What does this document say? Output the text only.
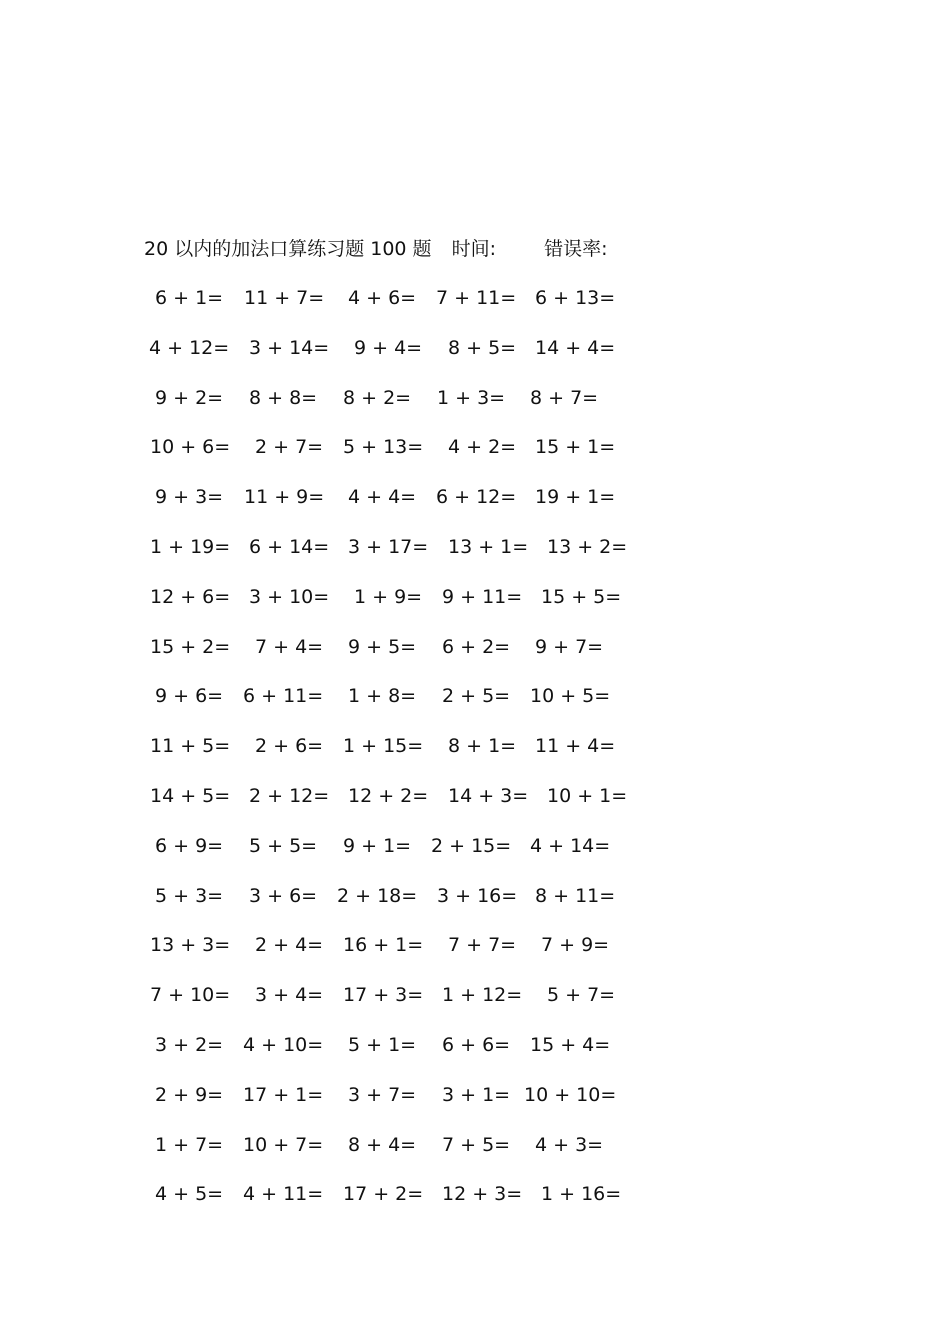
20 以内的加法口算练习题 100 题 时间:	错误率:
6 + 1= 11 + 7= 4 + 6= 7 + 11= 6 + 13=
4 + 12= 3 + 14= 9 + 4= 8 + 5= 14 + 4=
9 + 2= 8 + 8= 8 + 2= 1 + 3= 8 + 7=
10 + 6= 2 + 7= 5 + 13= 4 + 2= 15 + 1=
9 + 3= 11 + 9= 4 + 4= 6 + 12= 19 + 1=
1 + 19= 6 + 14= 3 + 17= 13 + 1= 13 + 2=
12 + 6= 3 + 10= 1 + 9= 9 + 11= 15 + 5=
15 + 2= 7 + 4= 9 + 5= 6 + 2= 9 + 7=
9 + 6= 6 + 11= 1 + 8= 2 + 5= 10 + 5=
11 + 5= 2 + 6= 1 + 15= 8 + 1= 11 + 4=
14 + 5= 2 + 12= 12 + 2= 14 + 3= 10 + 1=
6 + 9= 5 + 5= 9 + 1= 2 + 15= 4 + 14=
5 + 3= 3 + 6= 2 + 18= 3 + 16= 8 + 11=
13 + 3= 2 + 4= 16 + 1= 7 + 7= 7 + 9=
7 + 10= 3 + 4= 17 + 3= 1 + 12= 5 + 7=
3 + 2= 4 + 10= 5 + 1= 6 + 6= 15 + 4=
2 + 9= 17 + 1= 3 + 7= 3 + 1= 10 + 10=
1 + 7= 10 + 7= 8 + 4= 7 + 5= 4 + 3=
4 + 5= 4 + 11= 17 + 2= 12 + 3= 1 + 16=
